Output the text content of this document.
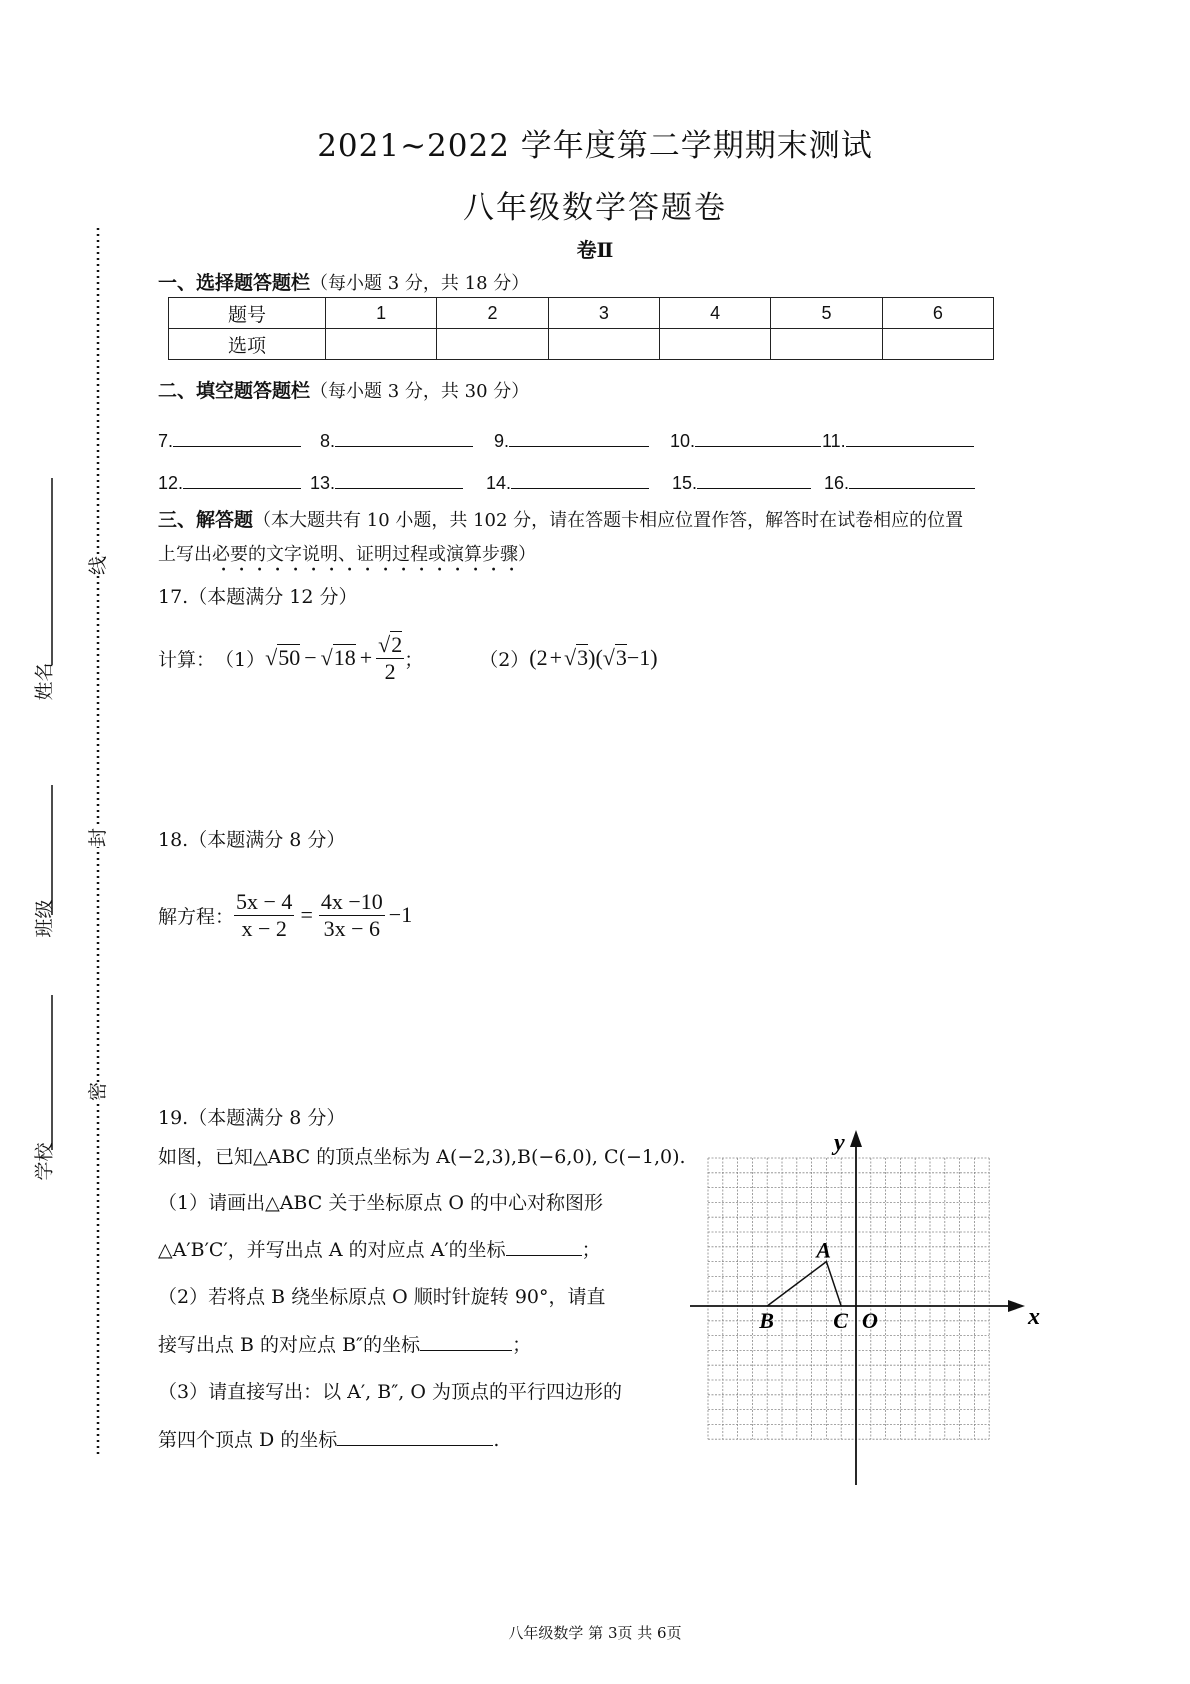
2021~2022 学年度第二学期期末测试
八年级数学答题卷
卷Ⅱ
姓名
班级
学校
线
封
密
一、选择题答题栏（每小题 3 分，共 18 分）
题号	1	2	3	4	5	6
选项						
二、填空题答题栏（每小题 3 分，共 30 分）
7.	8.	9.	10.	11.
12.	13.	14.	15.	16.
三、解答题（本大题共有 10 小题，共 102 分，请在答题卡相应位置作答，解答时在试卷相应的位置
上写出必要的文字说明、 ·证明过程或演算步骤）
17.（本题满分 12 分）
计算： （1） $√50 - √18 + \frac{√2}{2}$ ；	（2） (2+√3)(√3−1)
18.（本题满分 8 分）
解方程： $\frac{5x - 4}{x - 2} = \frac{4x -10}{3x - 6} -1$
19.（本题满分 8 分）
如图，已知△ABC 的顶点坐标为 A(−2,3),B(−6,0), C(−1,0).
（1）请画出△ABC 关于坐标原点 O 的中心对称图形
△A′B′C′，并写出点 A 的对应点 A′的坐标	；
（2）若将点 B 绕坐标原点 O 顺时针旋转 90°，请直
接写出点 B 的对应点 B″的坐标	；
（3）请直接写出：以 A′, B″, O 为顶点的平行四边形的
第四个顶点 D 的坐标	.
x
y
A
B	C O
八年级数学 第 3页 共 6页
